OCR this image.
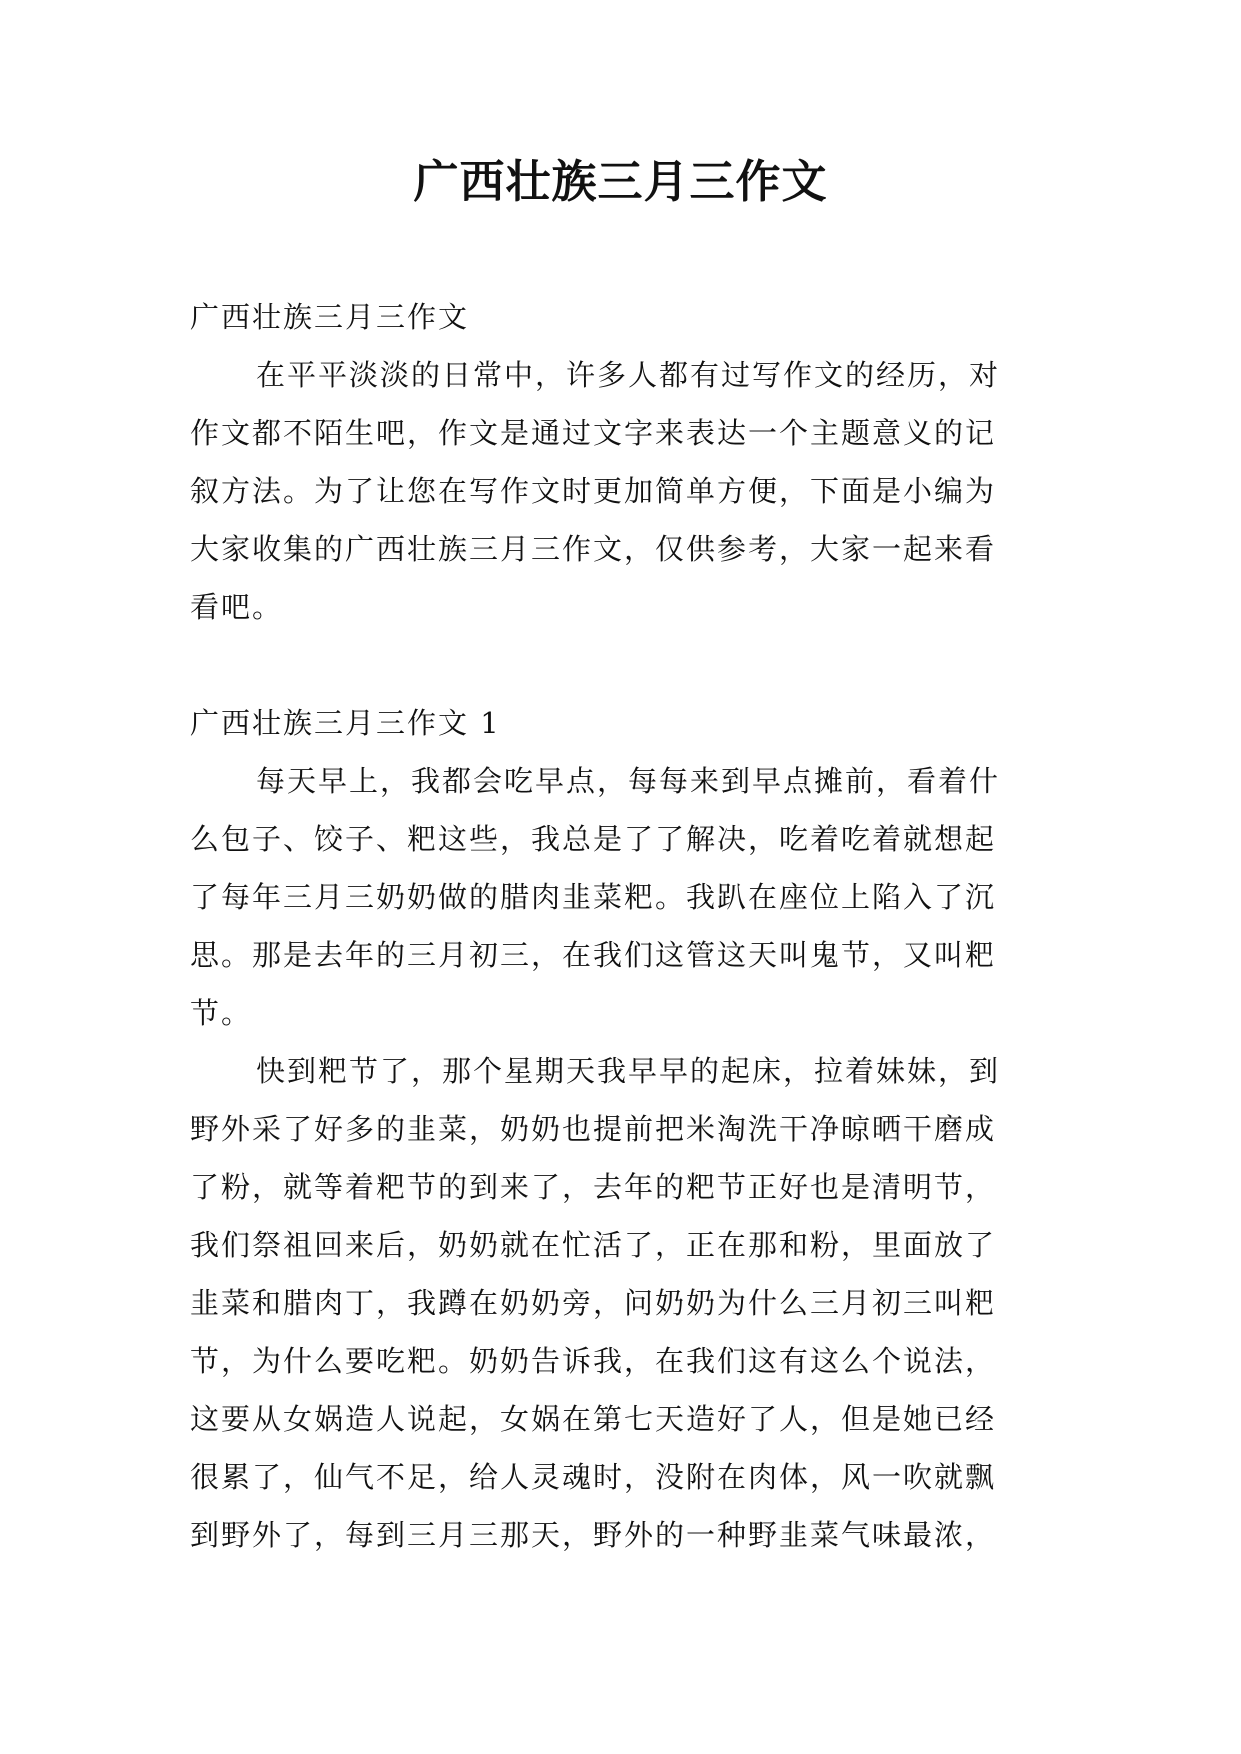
广西壮族三月三作文
广西壮族三月三作文
在平平淡淡的日常中，许多人都有过写作文的经历，对
作文都不陌生吧，作文是通过文字来表达一个主题意义的记
叙方法。为了让您在写作文时更加简单方便，下面是小编为
大家收集的广西壮族三月三作文，仅供参考，大家一起来看
看吧。
广西壮族三月三作文 1
每天早上，我都会吃早点，每每来到早点摊前，看着什
么包子、饺子、粑这些，我总是了了解决，吃着吃着就想起
了每年三月三奶奶做的腊肉韭菜粑。我趴在座位上陷入了沉
思。那是去年的三月初三，在我们这管这天叫鬼节，又叫粑
节。
快到粑节了，那个星期天我早早的起床，拉着妹妹，到
野外采了好多的韭菜，奶奶也提前把米淘洗干净晾晒干磨成
了粉，就等着粑节的到来了，去年的粑节正好也是清明节，
我们祭祖回来后，奶奶就在忙活了，正在那和粉，里面放了
韭菜和腊肉丁，我蹲在奶奶旁，问奶奶为什么三月初三叫粑
节，为什么要吃粑。奶奶告诉我，在我们这有这么个说法，
这要从女娲造人说起，女娲在第七天造好了人，但是她已经
很累了，仙气不足，给人灵魂时，没附在肉体，风一吹就飘
到野外了，每到三月三那天，野外的一种野韭菜气味最浓，
